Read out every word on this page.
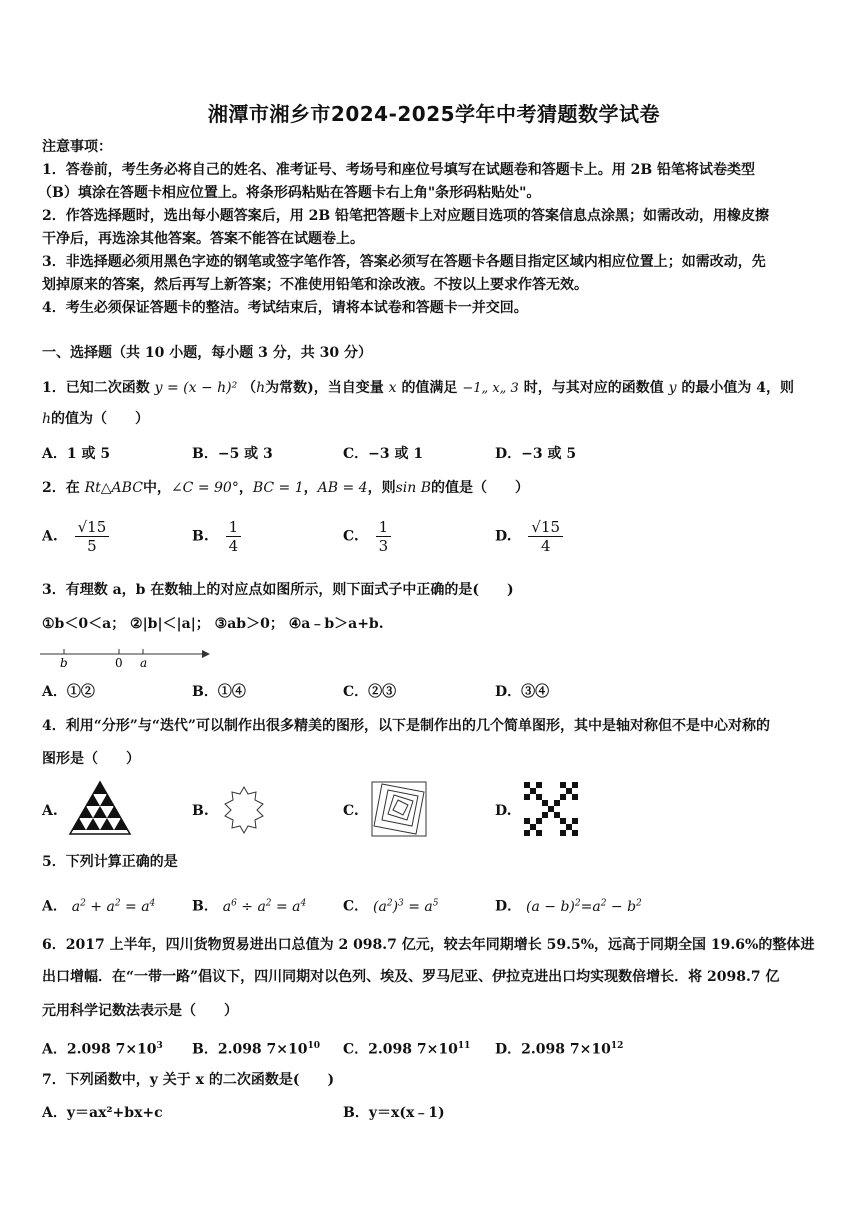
湘潭市湘乡市2024-2025学年中考猜题数学试卷
注意事项：
1．答卷前，考生务必将自己的姓名、准考证号、考场号和座位号填写在试题卷和答题卡上。用 2B 铅笔将试卷类型
（B）填涂在答题卡相应位置上。将条形码粘贴在答题卡右上角"条形码粘贴处"。
2．作答选择题时，选出每小题答案后，用 2B 铅笔把答题卡上对应题目选项的答案信息点涂黑；如需改动，用橡皮擦
干净后，再选涂其他答案。答案不能答在试题卷上。
3．非选择题必须用黑色字迹的钢笔或签字笔作答，答案必须写在答题卡各题目指定区域内相应位置上；如需改动，先
划掉原来的答案，然后再写上新答案；不准使用铅笔和涂改液。不按以上要求作答无效。
4．考生必须保证答题卡的整洁。考试结束后，请将本试卷和答题卡一并交回。
一、选择题（共 10 小题，每小题 3 分，共 30 分）
1．已知二次函数 y = (x − h)² （h为常数)，当自变量 x 的值满足 −1„ x„ 3 时，与其对应的函数值 y 的最小值为 4，则
h的值为（　　）
A．1 或 5	B．−5 或 3	C．−3 或 1	D．−3 或 5
2．在 Rt△ABC中，∠C = 90°，BC = 1，AB = 4，则sin B的值是（　　）
A. $\frac{√15}{5}$	B. $\frac{1}{4}$	C. $\frac{1}{3}$	D. $\frac{√15}{4}$
3．有理数 a，b 在数轴上的对应点如图所示，则下面式子中正确的是(　　)
①b＜0＜a； ②|b|＜|a|； ③ab＞0； ④a﹣b＞a+b.
b	0 a
A．①②	B．①④	C．②③	D．③④
4．利用“分形”与“迭代”可以制作出很多精美的图形，以下是制作出的几个简单图形，其中是轴对称但不是中心对称的
图形是（　　）
A.	B.	C.	D.
5．下列计算正确的是
A． $a^2 + a^2 = a^4$	B． $a^6 \div a^2 = a^4$	C． $(a^2)^3 = a^5$	D． $(a - b)^2=a^2 - b^2$
6．2017 上半年，四川货物贸易进出口总值为 2 098.7 亿元，较去年同期增长 59.5%，远高于同期全国 19.6%的整体进
出口增幅．在“一带一路”倡议下，四川同期对以色列、埃及、罗马尼亚、伊拉克进出口均实现数倍增长．将 2098.7 亿
元用科学记数法表示是（　　）
A．2.098 $7\times 10^3$ B．2.098 $7\times 10^{10}$ C．2.098 $7\times 10^{11}$ D．2.098 $7\times 10^{12}$
7．下列函数中，y 关于 x 的二次函数是(　　)
A．y＝ax²+bx+c	B．y＝x(x﹣1)
